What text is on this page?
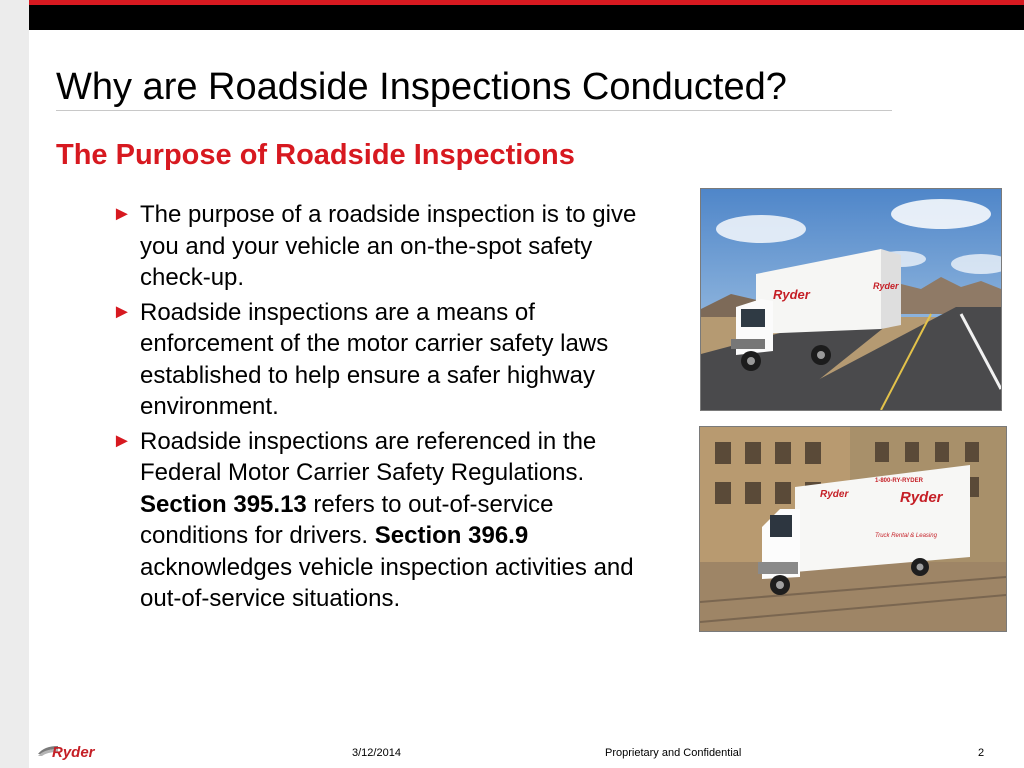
Why are Roadside Inspections Conducted?
The Purpose of Roadside Inspections
► The purpose of a roadside inspection is to give you and your vehicle an on-the-spot safety check-up.
► Roadside inspections are a means of enforcement of the motor carrier safety laws established to help ensure a safer highway environment.
► Roadside inspections are referenced in the Federal Motor Carrier Safety Regulations. Section 395.13 refers to out-of-service conditions for drivers. Section 396.9 acknowledges vehicle inspection activities and out-of-service situations.
Ryder
Ryder
Ryder	Ryder
1-800-RY-RYDER
Truck Rental & Leasing
Ryder	3/12/2014	Proprietary and Confidential	2
